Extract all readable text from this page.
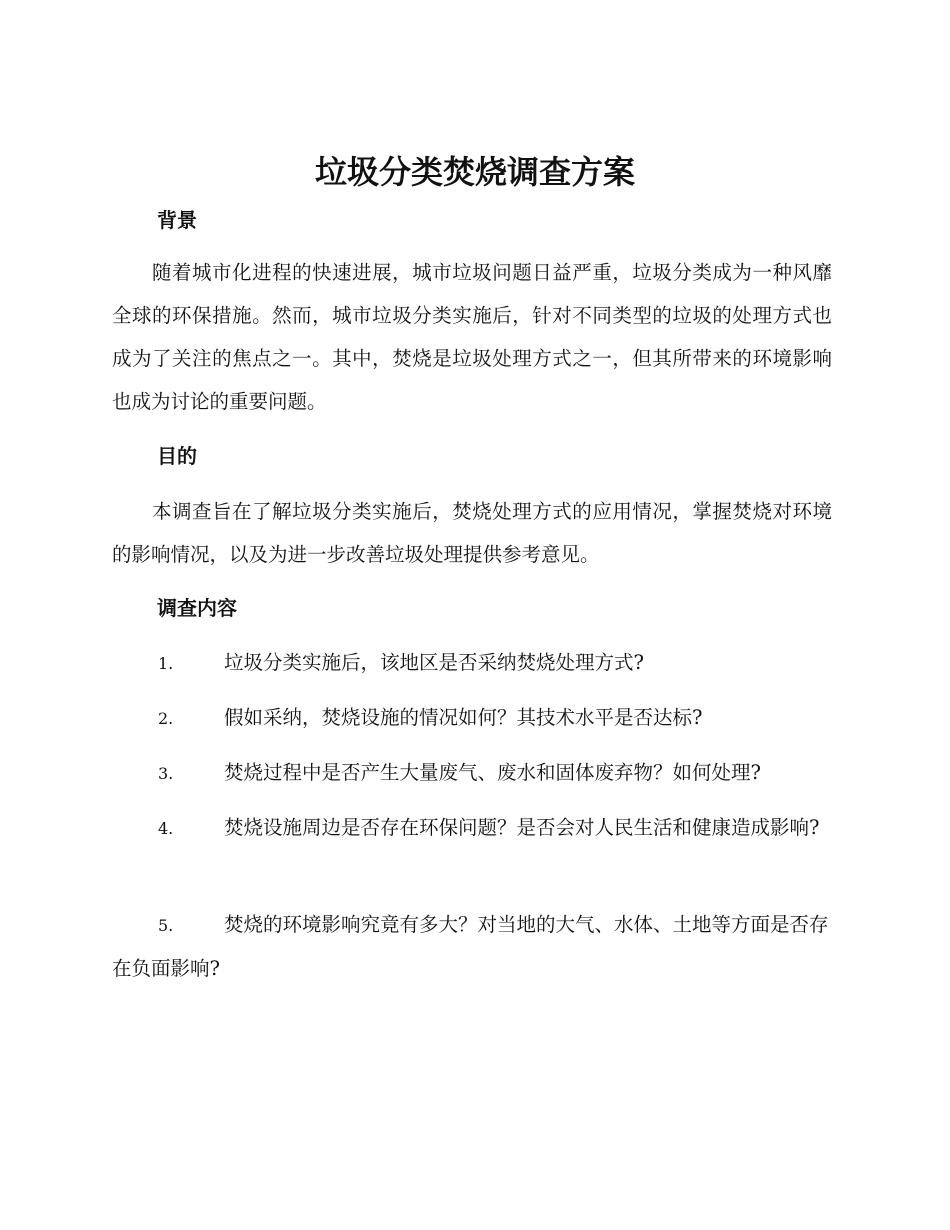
垃圾分类焚烧调查方案
背景

随着城市化进程的快速进展，城市垃圾问题日益严重，垃圾分类成为一种风靡全球的环保措施。然而，城市垃圾分类实施后，针对不同类型的垃圾的处理方式也成为了关注的焦点之一。其中，焚烧是垃圾处理方式之一，但其所带来的环境影响也成为讨论的重要问题。

目的

本调查旨在了解垃圾分类实施后，焚烧处理方式的应用情况，掌握焚烧对环境的影响情况，以及为进一步改善垃圾处理提供参考意见。

调查内容

1.	垃圾分类实施后，该地区是否采纳焚烧处理方式?

2.	假如采纳，焚烧设施的情况如何？其技术水平是否达标?

3.	焚烧过程中是否产生大量废气、废水和固体废弃物？如何处理?

4.	焚烧设施周边是否存在环保问题？是否会对人民生活和健康造成影响?

5.	焚烧的环境影响究竟有多大？对当地的大气、水体、土地等方面是否存在负面影响?
